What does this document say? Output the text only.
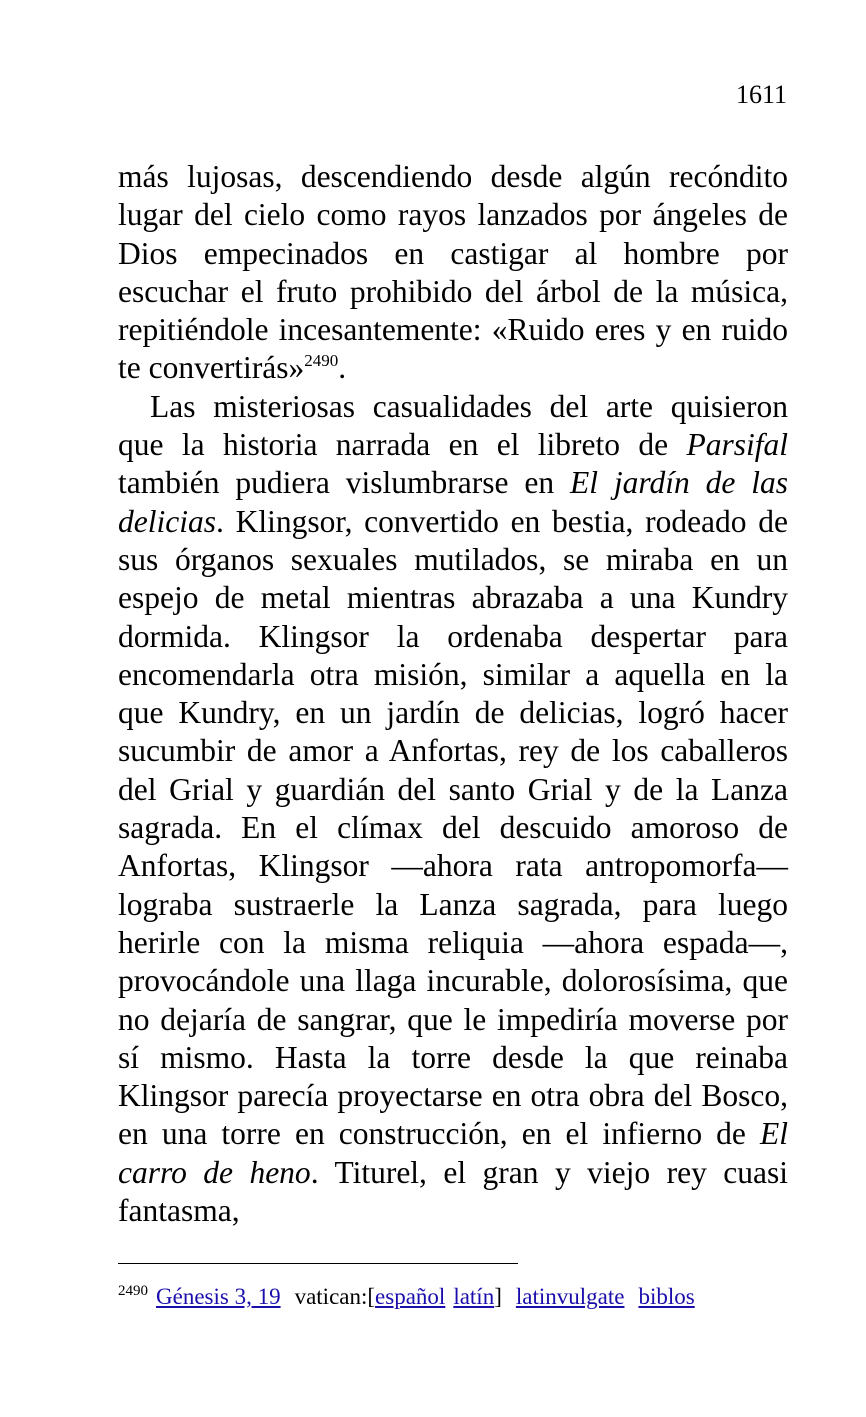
1611

más lujosas, descendiendo desde algún recóndito lugar del cielo como rayos lanzados por ángeles de Dios empecinados en castigar al hombre por escuchar el fruto prohibido del árbol de la música, repitiéndole incesantemente: «Ruido eres y en ruido te convertirás»$^{2490}$.

Las misteriosas casualidades del arte quisieron que la historia narrada en el libreto de Parsifal también pudiera vislumbrarse en El jardín de las delicias. Klingsor, convertido en bestia, rodeado de sus órganos sexuales mutilados, se miraba en un espejo de metal mientras abrazaba a una Kundry dormida. Klingsor la ordenaba despertar para encomendarla otra misión, similar a aquella en la que Kundry, en un jardín de delicias, logró hacer sucumbir de amor a Anfortas, rey de los caballeros del Grial y guardián del santo Grial y de la Lanza sagrada. En el clímax del descuido amoroso de Anfortas, Klingsor —ahora rata antropomorfa— lograba sustraerle la Lanza sagrada, para luego herirle con la misma reliquia —ahora espada—, provocándole una llaga incurable, dolorosísima, que no dejaría de sangrar, que le impediría moverse por sí mismo. Hasta la torre desde la que reinaba Klingsor parecía proyectarse en otra obra del Bosco, en una torre en construcción, en el infierno de El carro de heno. Titurel, el gran y viejo rey cuasi fantasma,

$^{2490}$ Génesis 3, 19 vatican:[español latín] latinvulgate biblos
